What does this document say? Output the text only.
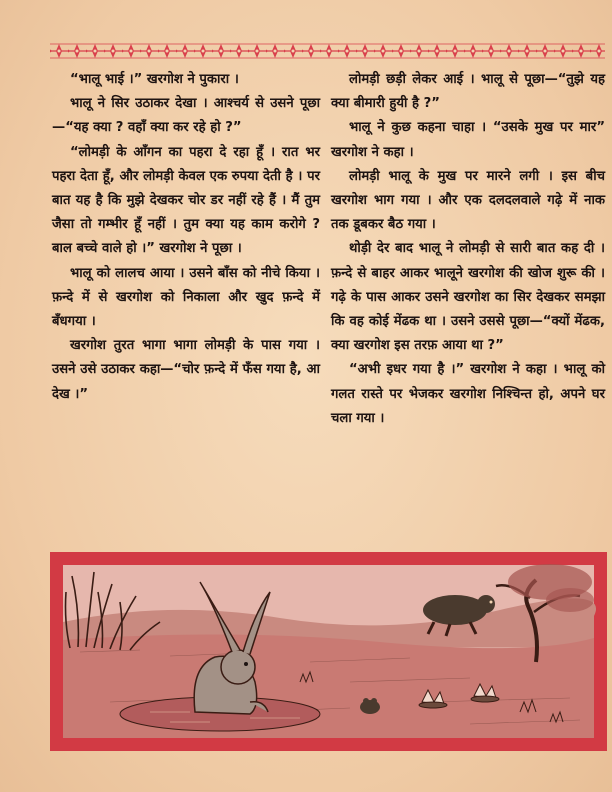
“भालू भाई ।” खरगोश ने पुकारा ।

भालू ने सिर उठाकर देखा । आश्चर्य से उसने पूछा—“यह क्या ? वहाँ क्या कर रहे हो ?”

“लोमड़ी के आँगन का पहरा दे रहा हूँ । रात भर पहरा देता हूँ, और लोमड़ी केवल एक रुपया देती है । पर बात यह है कि मुझे देखकर चोर डर नहीं रहे हैं । मैं तुम जैसा तो गम्भीर हूँ नहीं । तुम क्या यह काम करोगे ? बाल बच्चे वाले हो ।” खरगोश ने पूछा ।

भालू को लालच आया । उसने बाँस को नीचे किया । फ़न्दे में से खरगोश को निकाला और खुद फ़न्दे में बँधगया ।

खरगोश तुरत भागा भागा लोमड़ी के पास गया । उसने उसे उठाकर कहा—“चोर फ़न्दे में फँस गया है, आ देख ।”

लोमड़ी छड़ी लेकर आई । भालू से पूछा—“तुझे यह क्या बीमारी हुयी है ?”

भालू ने कुछ कहना चाहा । “उसके मुख पर मार” खरगोश ने कहा ।

लोमड़ी भालू के मुख पर मारने लगी । इस बीच खरगोश भाग गया । और एक दलदलवाले गढ़े में नाक तक डूबकर बैठ गया ।

थोड़ी देर बाद भालू ने लोमड़ी से सारी बात कह दी । फ़न्दे से बाहर आकर भालूने खरगोश की खोज शुरू की । गढ़े के पास आकर उसने खरगोश का सिर देखकर समझा कि वह कोई मेंढक था । उसने उससे पूछा—“क्यों मेंढक, क्या खरगोश इस तरफ़ आया था ?”

“अभी इधर गया है ।” खरगोश ने कहा । भालू को गलत रास्ते पर भेजकर खरगोश निश्चिन्त हो, अपने घर चला गया ।
